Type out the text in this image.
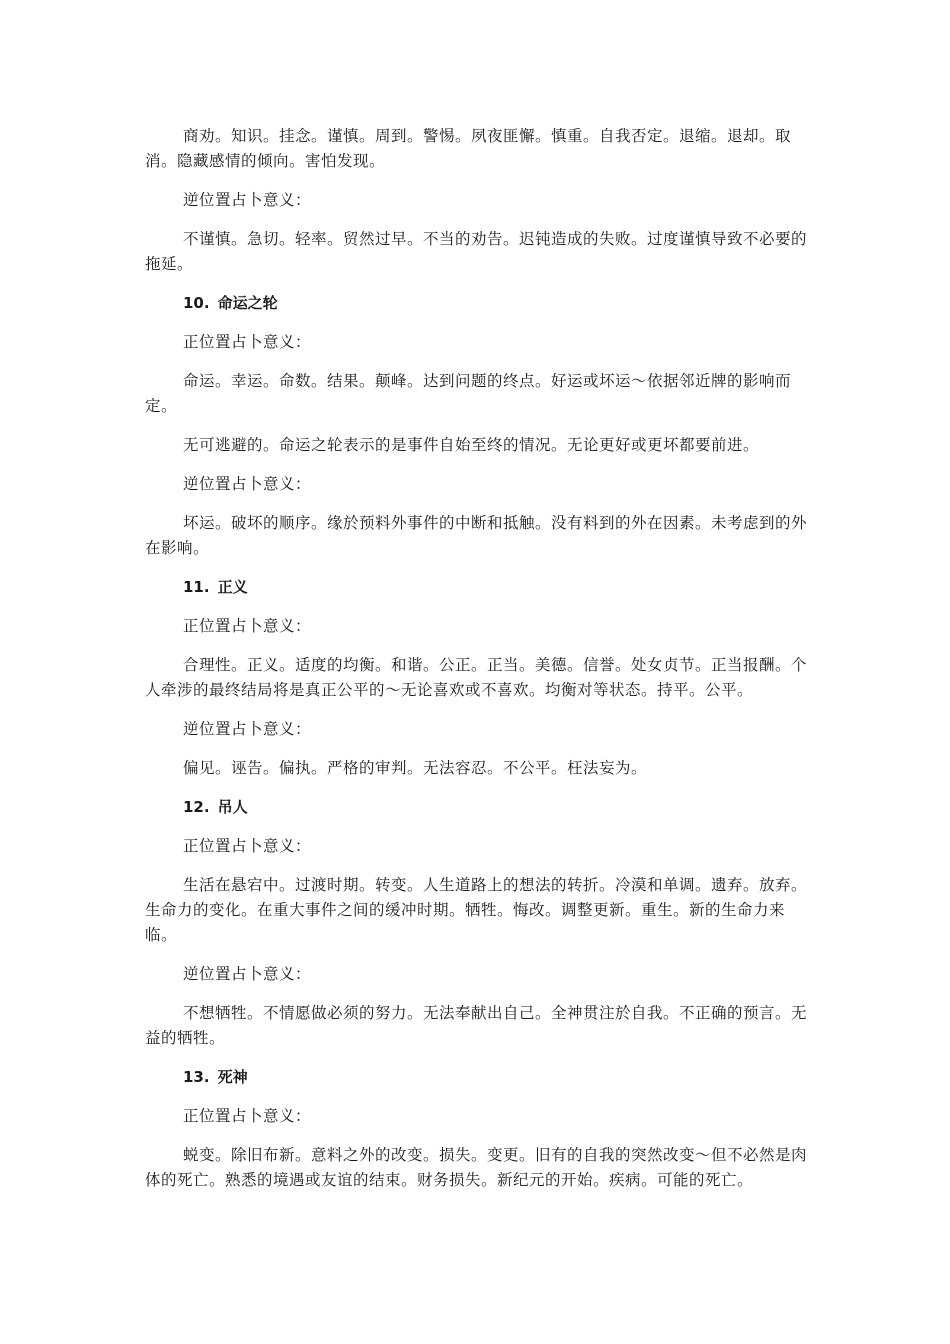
商劝。知识。挂念。谨慎。周到。警惕。夙夜匪懈。慎重。自我否定。退缩。退却。取消。隐藏感情的倾向。害怕发现。

逆位置占卜意义：

不谨慎。急切。轻率。贸然过早。不当的劝告。迟钝造成的失败。过度谨慎导致不必要的拖延。

10. 命运之轮

正位置占卜意义：

命运。幸运。命数。结果。颠峰。达到问题的终点。好运或坏运～依据邻近牌的影响而定。

无可逃避的。命运之轮表示的是事件自始至终的情况。无论更好或更坏都要前进。

逆位置占卜意义：

坏运。破坏的顺序。缘於预料外事件的中断和抵触。没有料到的外在因素。未考虑到的外在影响。

11. 正义

正位置占卜意义：

合理性。正义。适度的均衡。和谐。公正。正当。美德。信誉。处女贞节。正当报酬。个人牵涉的最终结局将是真正公平的～无论喜欢或不喜欢。均衡对等状态。持平。公平。

逆位置占卜意义：

偏见。诬告。偏执。严格的审判。无法容忍。不公平。枉法妄为。

12. 吊人

正位置占卜意义：

生活在悬宕中。过渡时期。转变。人生道路上的想法的转折。冷漠和单调。遗弃。放弃。生命力的变化。在重大事件之间的缓冲时期。牺牲。悔改。调整更新。重生。新的生命力来临。

逆位置占卜意义：

不想牺牲。不情愿做必须的努力。无法奉献出自己。全神贯注於自我。不正确的预言。无益的牺牲。

13. 死神

正位置占卜意义：

蜕变。除旧布新。意料之外的改变。损失。变更。旧有的自我的突然改变～但不必然是肉体的死亡。熟悉的境遇或友谊的结束。财务损失。新纪元的开始。疾病。可能的死亡。
